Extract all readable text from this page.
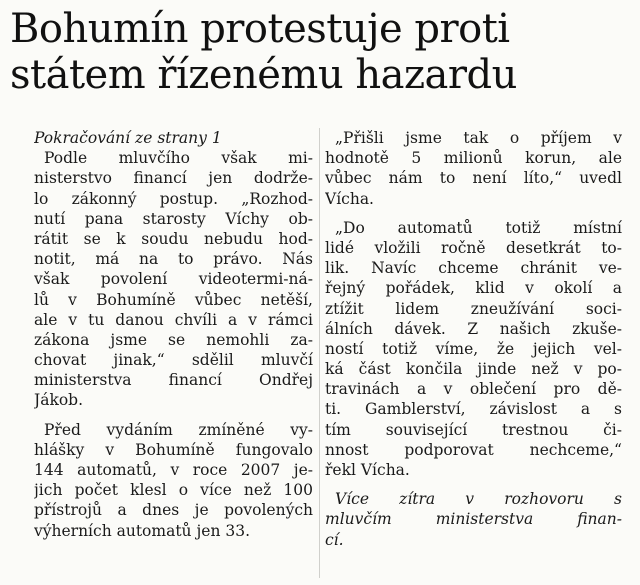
Bohumín protestuje proti
státem řízenému hazardu
Pokračování ze strany 1
Podle mluvčího však mi-
nisterstvo financí jen dodrže-
lo zákonný postup. „Rozhod-
nutí pana starosty Víchy ob-
rátit se k soudu nebudu hod-
notit, má na to právo. Nás
však povolení videotermi-ná-
lů v Bohumíně vůbec netěší,
ale v tu danou chvíli a v rámci
zákona jsme se nemohli za-
chovat jinak,“ sdělil mluvčí
ministerstva financí Ondřej
Jákob.
Před vydáním zmíněné vy-
hlášky v Bohumíně fungovalo
144 automatů, v roce 2007 je-
jich počet klesl o více než 100
přístrojů a dnes je povolených
výherních automatů jen 33.
„Přišli jsme tak o příjem v
hodnotě 5 milionů korun, ale
vůbec nám to není líto,“ uvedl
Vícha.
„Do automatů totiž místní
lidé vložili ročně desetkrát to-
lik. Navíc chceme chránit ve-
řejný pořádek, klid v okolí a
ztížit lidem zneužívání soci-
álních dávek. Z našich zkuše-
ností totiž víme, že jejich vel-
ká část končila jinde než v po-
travinách a v oblečení pro dě-
ti. Gamblerství, závislost a s
tím související trestnou či-
nnost podporovat nechceme,“
řekl Vícha.
Více zítra v rozhovoru s
mluvčím ministerstva finan-
cí.
